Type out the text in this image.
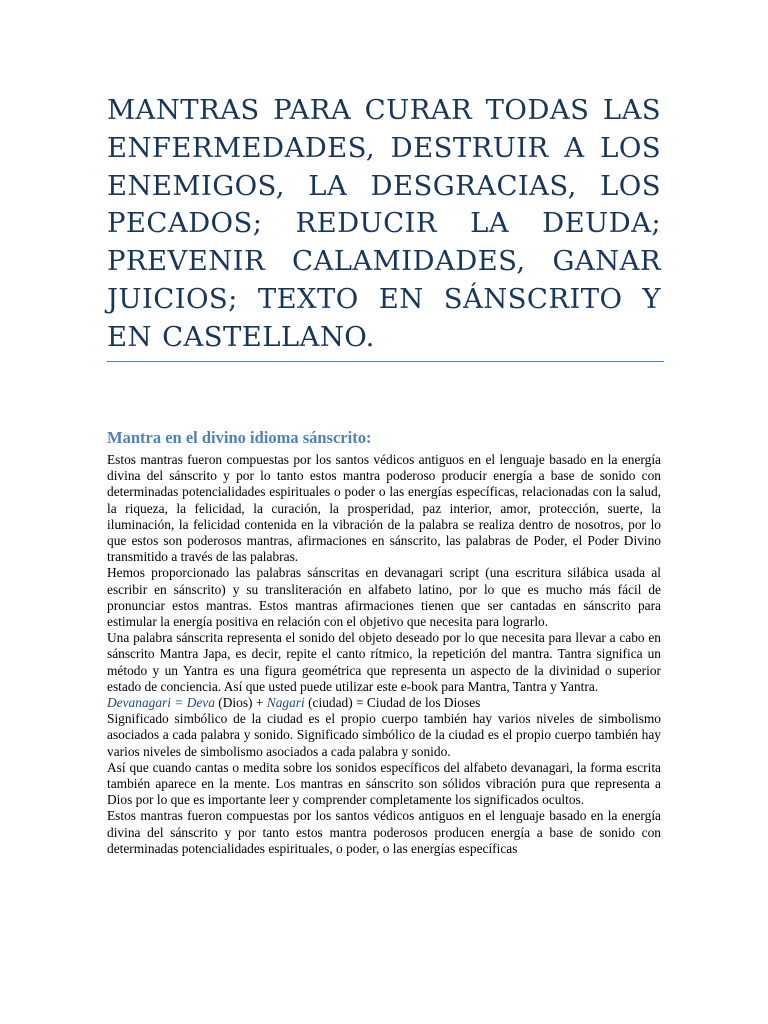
MANTRAS PARA CURAR TODAS LAS ENFERMEDADES, DESTRUIR A LOS ENEMIGOS, LA DESGRACIAS, LOS PECADOS; REDUCIR LA DEUDA; PREVENIR CALAMIDADES, GANAR JUICIOS; TEXTO EN SÁNSCRITO Y EN CASTELLANO.
Mantra en el divino idioma sánscrito:

Estos mantras fueron compuestas por los santos védicos antiguos en el lenguaje basado en la energía divina del sánscrito y por lo tanto estos mantra poderoso producir energía a base de sonido con determinadas potencialidades espirituales o poder o las energías específicas, relacionadas con la salud, la riqueza, la felicidad, la curación, la prosperidad, paz interior, amor, protección, suerte, la iluminación, la felicidad contenida en la vibración de la palabra se realiza dentro de nosotros, por lo que estos son poderosos mantras, afirmaciones en sánscrito, las palabras de Poder, el Poder Divino transmitido a través de las palabras.

Hemos proporcionado las palabras sánscritas en devanagari script (una escritura silábica usada al escribir en sánscrito) y su transliteración en alfabeto latino, por lo que es mucho más fácil de pronunciar estos mantras. Estos mantras afirmaciones tienen que ser cantadas en sánscrito para estimular la energía positiva en relación con el objetivo que necesita para lograrlo.

Una palabra sánscrita representa el sonido del objeto deseado por lo que necesita para llevar a cabo en sánscrito Mantra Japa, es decir, repite el canto rítmico, la repetición del mantra. Tantra significa un método y un Yantra es una figura geométrica que representa un aspecto de la divinidad o superior estado de conciencia. Así que usted puede utilizar este e-book para Mantra, Tantra y Yantra.

Devanagari = Deva (Dios) + Nagari (ciudad) = Ciudad de los Dioses

Significado simbólico de la ciudad es el propio cuerpo también hay varios niveles de simbolismo asociados a cada palabra y sonido. Significado simbólico de la ciudad es el propio cuerpo también hay varios niveles de simbolismo asociados a cada palabra y sonido.

Así que cuando cantas o medita sobre los sonidos específicos del alfabeto devanagari, la forma escrita también aparece en la mente. Los mantras en sánscrito son sólidos vibración pura que representa a Dios por lo que es importante leer y comprender completamente los significados ocultos.

Estos mantras fueron compuestas por los santos védicos antiguos en el lenguaje basado en la energía divina del sánscrito y por tanto estos mantra poderosos producen energía a base de sonido con determinadas potencialidades espirituales, o poder, o las energías específicas
